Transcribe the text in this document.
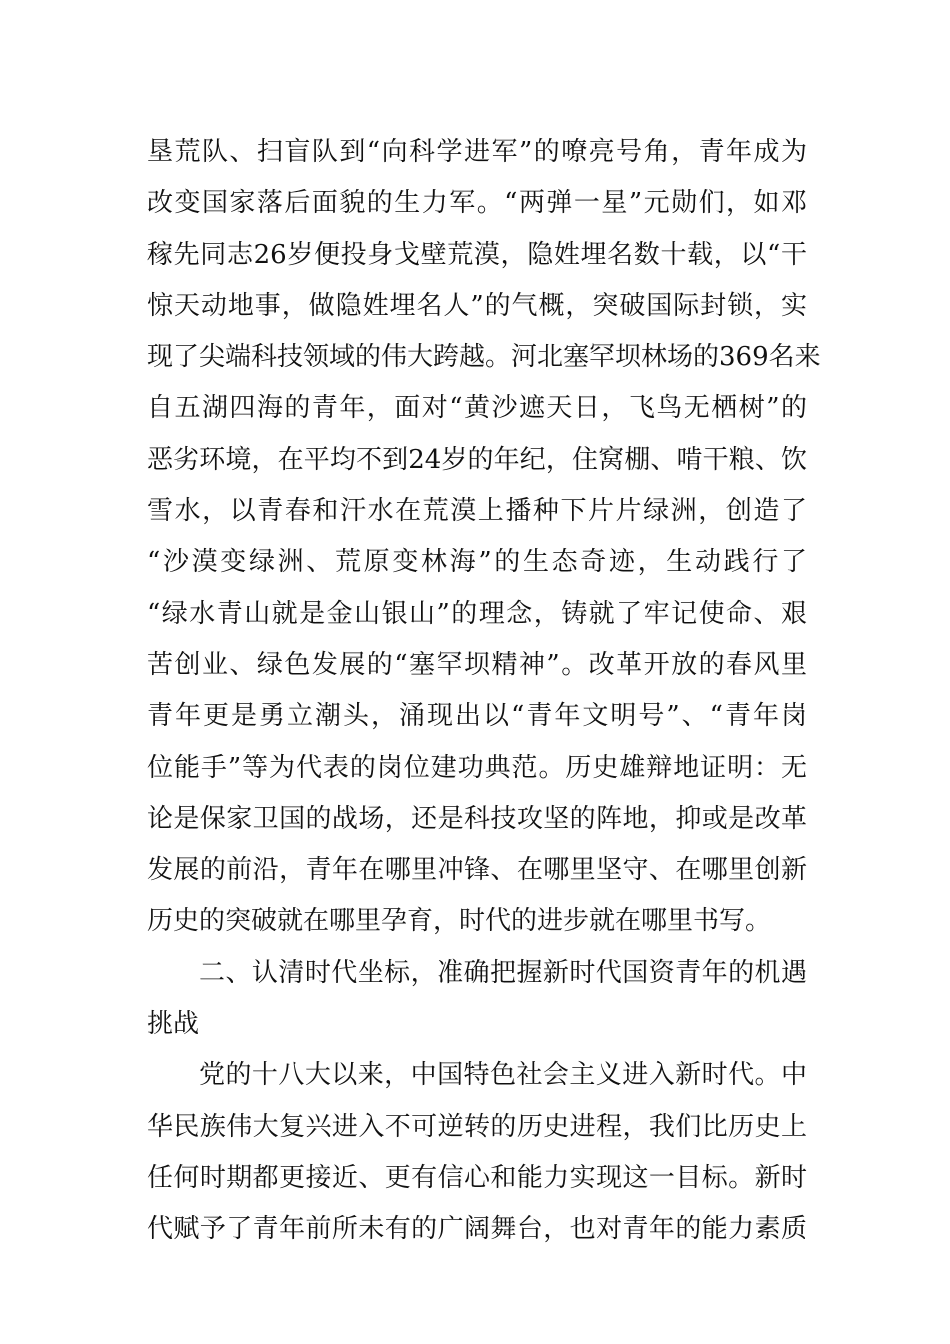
垦荒队、扫盲队到“向科学进军”的嘹亮号角，青年成为
改变国家落后面貌的生力军。“两弹一星”元勋们，如邓
稼先同志26岁便投身戈壁荒漠，隐姓埋名数十载，以“干
惊天动地事，做隐姓埋名人”的气概，突破国际封锁，实
现了尖端科技领域的伟大跨越。河北塞罕坝林场的369名来
自五湖四海的青年，面对“黄沙遮天日，飞鸟无栖树”的
恶劣环境，在平均不到24岁的年纪，住窝棚、啃干粮、饮
雪水，以青春和汗水在荒漠上播种下片片绿洲，创造了
“沙漠变绿洲、荒原变林海”的生态奇迹，生动践行了
“绿水青山就是金山银山”的理念，铸就了牢记使命、艰
苦创业、绿色发展的“塞罕坝精神”。改革开放的春风里
青年更是勇立潮头，涌现出以“青年文明号”、“青年岗
位能手”等为代表的岗位建功典范。历史雄辩地证明：无
论是保家卫国的战场，还是科技攻坚的阵地，抑或是改革
发展的前沿，青年在哪里冲锋、在哪里坚守、在哪里创新
历史的突破就在哪里孕育，时代的进步就在哪里书写。
二、认清时代坐标，准确把握新时代国资青年的机遇
挑战
党的十八大以来，中国特色社会主义进入新时代。中
华民族伟大复兴进入不可逆转的历史进程，我们比历史上
任何时期都更接近、更有信心和能力实现这一目标。新时
代赋予了青年前所未有的广阔舞台，也对青年的能力素质
